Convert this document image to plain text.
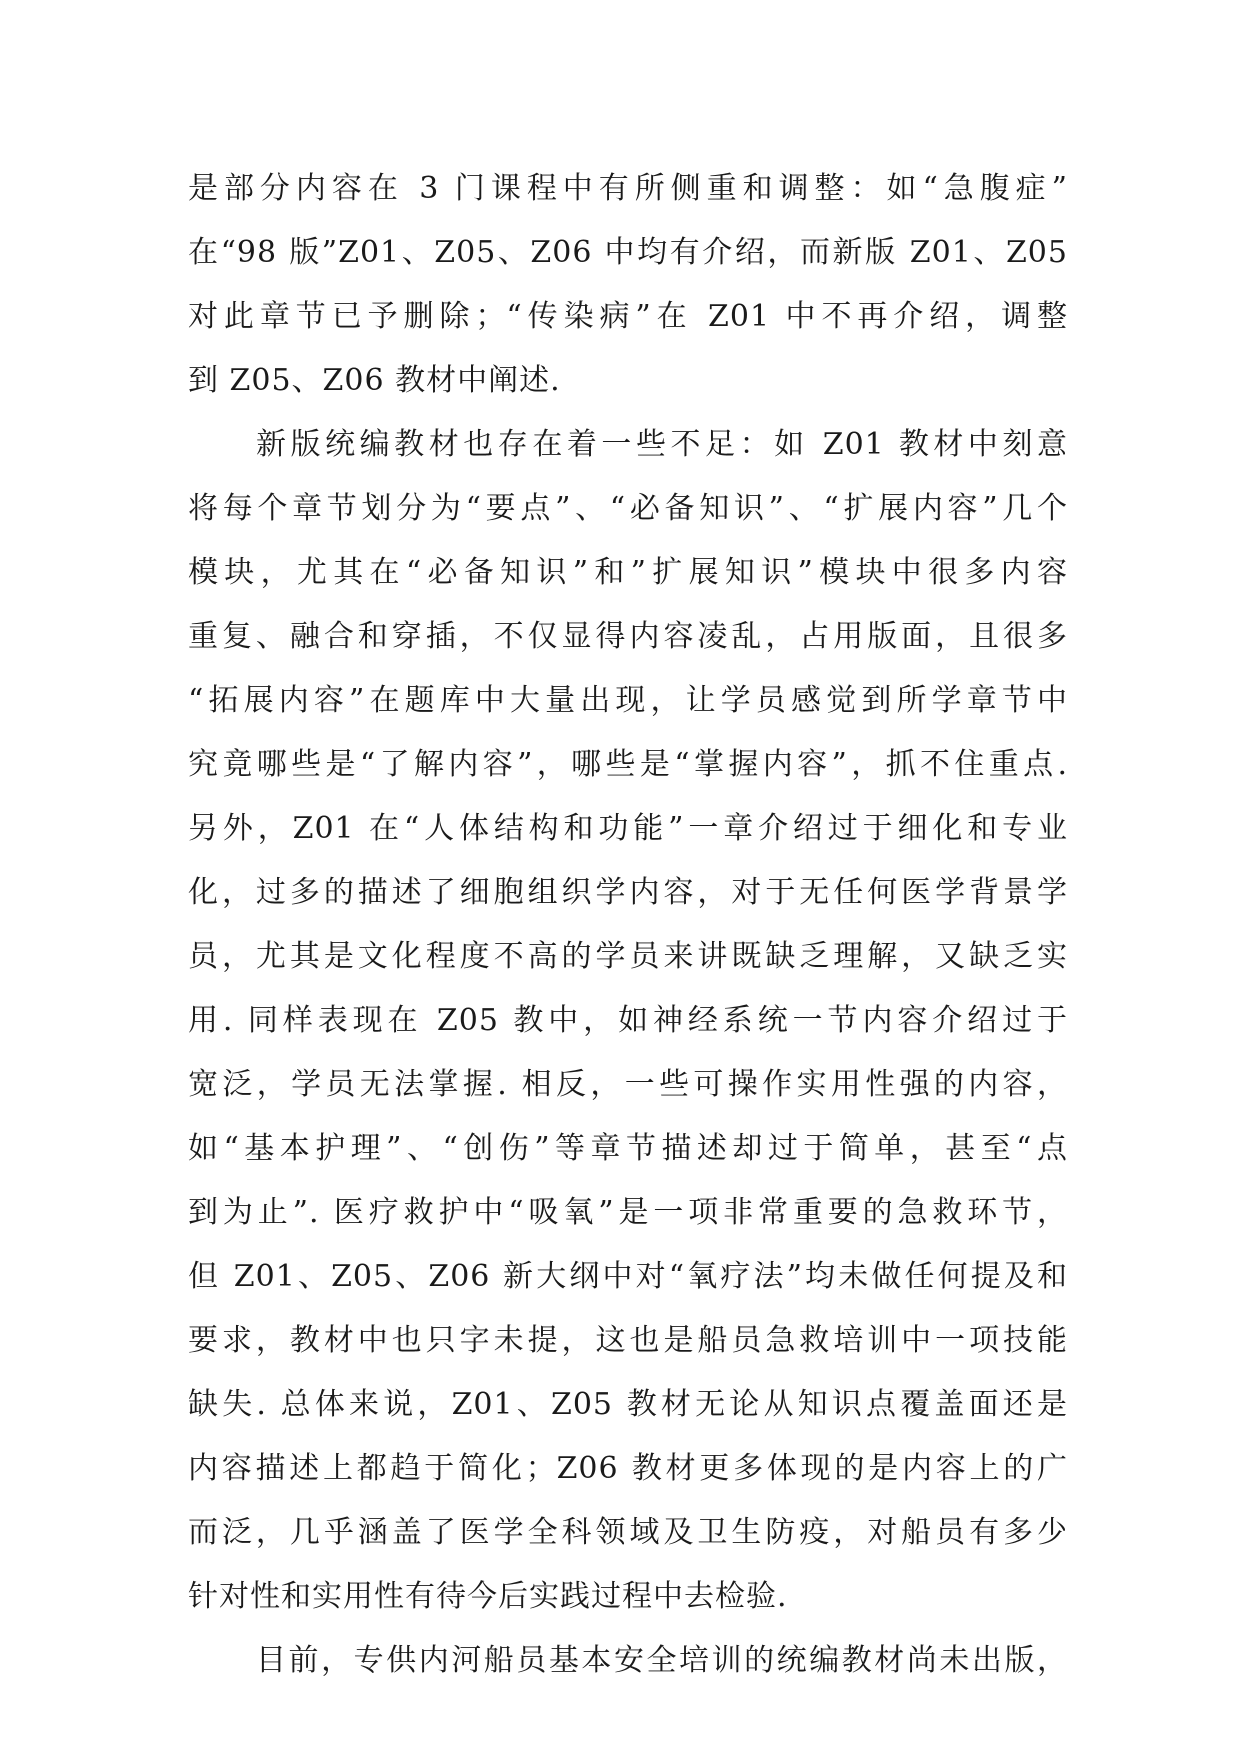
是部分内容在 3 门课程中有所侧重和调整：如“急腹症”
在“98 版”Z01、Z05、Z06 中均有介绍，而新版 Z01、Z05
对此章节已予删除；“传染病”在 Z01 中不再介绍，调整
到 Z05、Z06 教材中阐述.
新版统编教材也存在着一些不足：如 Z01 教材中刻意
将每个章节划分为“要点”、“必备知识”、“扩展内容”几个
模块，尤其在“必备知识”和”扩展知识”模块中很多内容
重复、融合和穿插，不仅显得内容凌乱，占用版面，且很多
“拓展内容”在题库中大量出现，让学员感觉到所学章节中
究竟哪些是“了解内容”，哪些是“掌握内容”，抓不住重点.
另外，Z01 在“人体结构和功能”一章介绍过于细化和专业
化，过多的描述了细胞组织学内容，对于无任何医学背景学
员，尤其是文化程度不高的学员来讲既缺乏理解，又缺乏实
用. 同样表现在 Z05 教中，如神经系统一节内容介绍过于
宽泛，学员无法掌握. 相反，一些可操作实用性强的内容，
如“基本护理”、“创伤”等章节描述却过于简单，甚至“点
到为止”. 医疗救护中“吸氧”是一项非常重要的急救环节，
但 Z01、Z05、Z06 新大纲中对“氧疗法”均未做任何提及和
要求，教材中也只字未提，这也是船员急救培训中一项技能
缺失. 总体来说，Z01、Z05 教材无论从知识点覆盖面还是
内容描述上都趋于简化；Z06 教材更多体现的是内容上的广
而泛，几乎涵盖了医学全科领域及卫生防疫，对船员有多少
针对性和实用性有待今后实践过程中去检验.
目前，专供内河船员基本安全培训的统编教材尚未出版，
